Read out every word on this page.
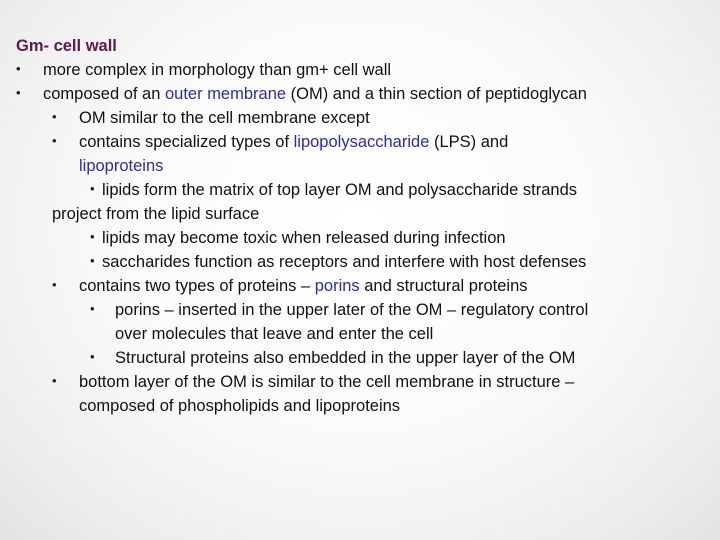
Gm- cell wall
• more complex in morphology than gm+ cell wall
• composed of an outer membrane (OM) and a thin section of peptidoglycan
• OM similar to the cell membrane except
• contains specialized types of lipopolysaccharide (LPS) and
lipoproteins
• lipids form the matrix of top layer OM and polysaccharide strands
project from the lipid surface
• lipids may become toxic when released during infection
• saccharides function as receptors and interfere with host defenses
• contains two types of proteins – porins and structural proteins
• porins – inserted in the upper later of the OM – regulatory control
over molecules that leave and enter the cell
• Structural proteins also embedded in the upper layer of the OM
• bottom layer of the OM is similar to the cell membrane in structure –
composed of phospholipids and lipoproteins
